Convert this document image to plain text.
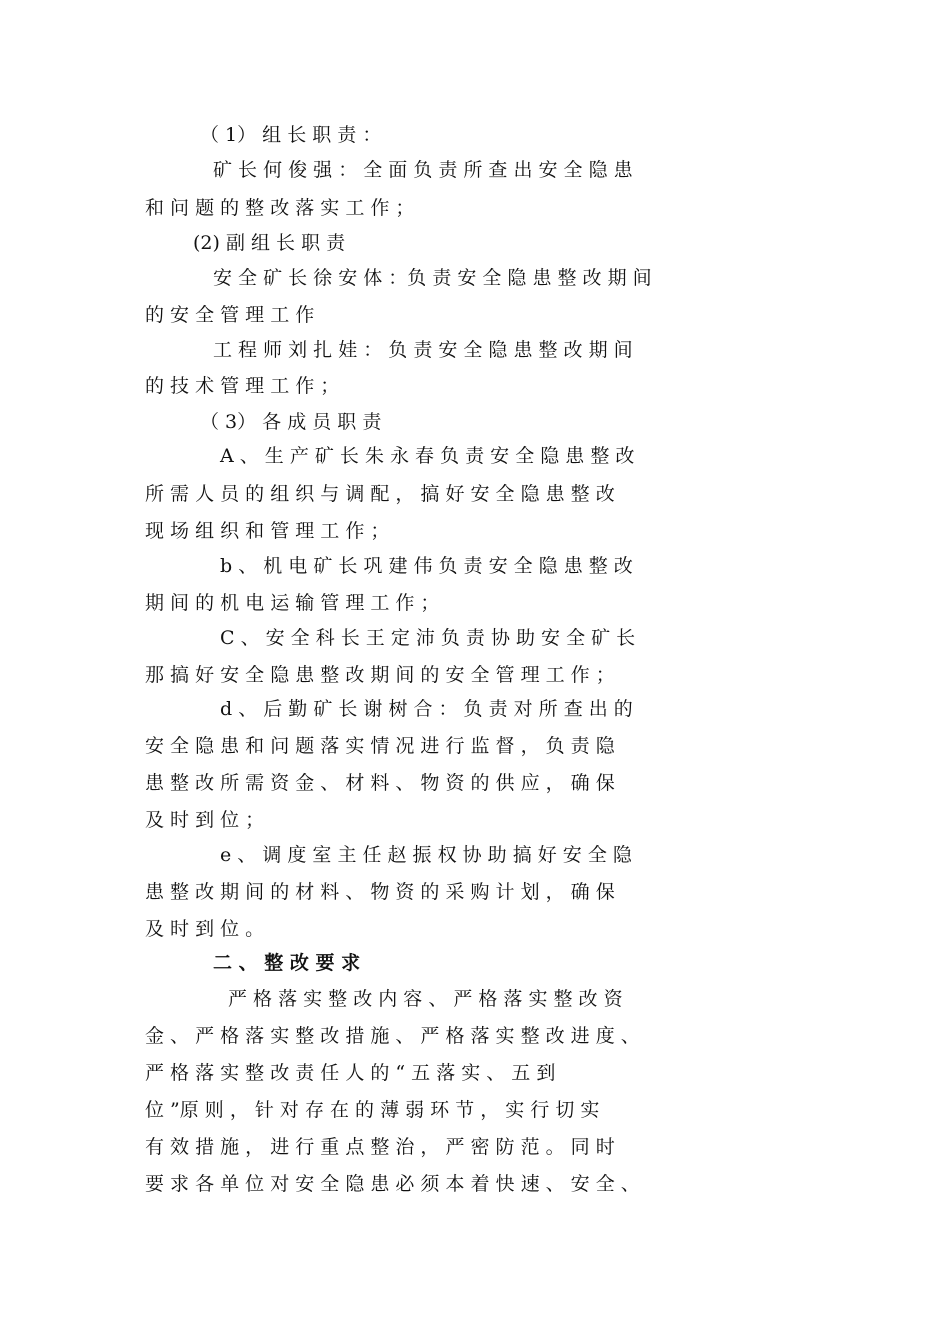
（ 1） 组 长 职 责 ：
矿 长 何 俊 强 ： 全 面 负 责 所 查 出 安 全 隐 患
和 问 题 的 整 改 落 实 工 作 ；
(2) 副 组 长 职 责
安 全 矿 长 徐 安 体 ：负 责 安 全 隐 患 整 改 期 间
的 安 全 管 理 工 作
工 程 师 刘 扎 娃 ： 负 责 安 全 隐 患 整 改 期 间
的 技 术 管 理 工 作 ；
（ 3） 各 成 员 职 责
A 、 生 产 矿 长 朱 永 春 负 责 安 全 隐 患 整 改
所 需 人 员 的 组 织 与 调 配 ， 搞 好 安 全 隐 患 整 改
现 场 组 织 和 管 理 工 作 ；
b 、 机 电 矿 长 巩 建 伟 负 责 安 全 隐 患 整 改
期 间 的 机 电 运 输 管 理 工 作 ；
C 、 安 全 科 长 王 定 沛 负 责 协 助 安 全 矿 长
那 搞 好 安 全 隐 患 整 改 期 间 的 安 全 管 理 工 作 ；
d 、 后 勤 矿 长 谢 树 合 ： 负 责 对 所 查 出 的
安 全 隐 患 和 问 题 落 实 情 况 进 行 监 督 ， 负 责 隐
患 整 改 所 需 资 金 、 材 料 、 物 资 的 供 应 ， 确 保
及 时 到 位 ；
e 、 调 度 室 主 任 赵 振 权 协 助 搞 好 安 全 隐
患 整 改 期 间 的 材 料 、 物 资 的 采 购 计 划 ， 确 保
及 时 到 位 。
二 、 整 改 要 求
严 格 落 实 整 改 内 容 、 严 格 落 实 整 改 资
金 、 严 格 落 实 整 改 措 施 、 严 格 落 实 整 改 进 度 、
严 格 落 实 整 改 责 任 人 的 “ 五 落 实 、 五 到
位 ”原 则 ， 针 对 存 在 的 薄 弱 环 节 ， 实 行 切 实
有 效 措 施 ， 进 行 重 点 整 治 ， 严 密 防 范 。 同 时
要 求 各 单 位 对 安 全 隐 患 必 须 本 着 快 速 、 安 全 、
